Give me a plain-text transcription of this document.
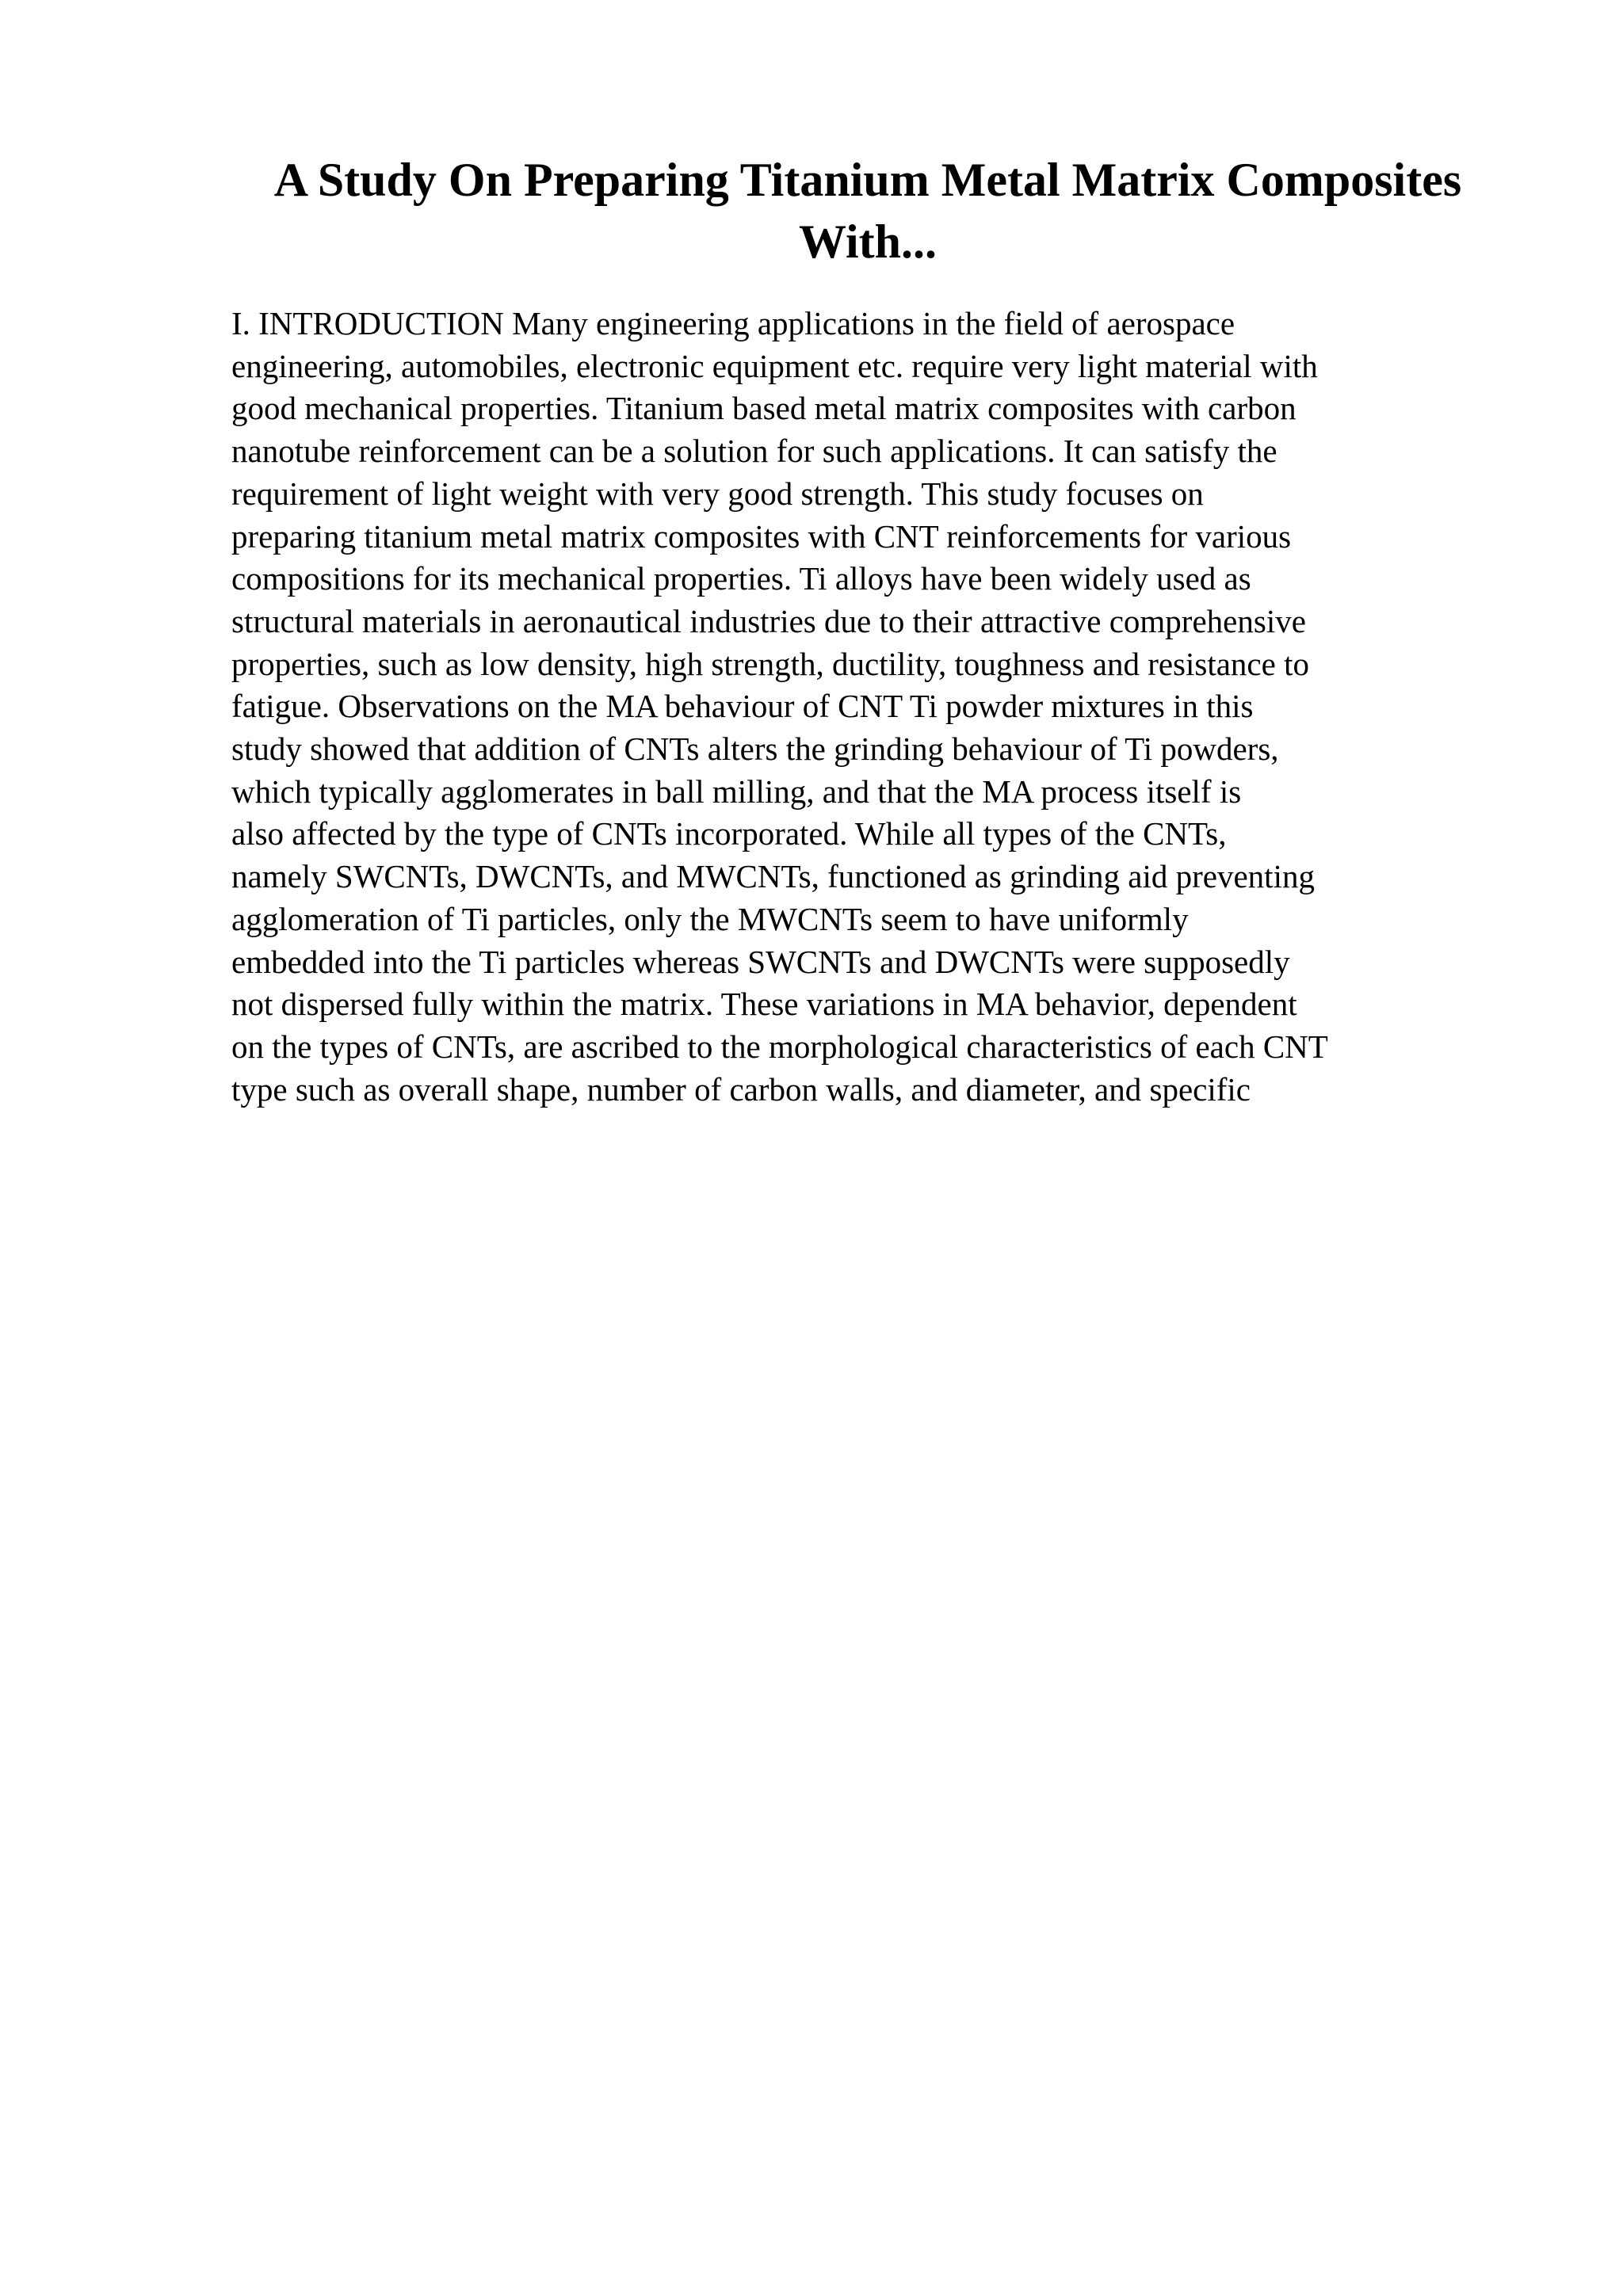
A Study On Preparing Titanium Metal Matrix Composites With...
I. INTRODUCTION Many engineering applications in the field of aerospace
engineering, automobiles, electronic equipment etc. require very light material with
good mechanical properties. Titanium based metal matrix composites with carbon
nanotube reinforcement can be a solution for such applications. It can satisfy the
requirement of light weight with very good strength. This study focuses on
preparing titanium metal matrix composites with CNT reinforcements for various
compositions for its mechanical properties. Ti alloys have been widely used as
structural materials in aeronautical industries due to their attractive comprehensive
properties, such as low density, high strength, ductility, toughness and resistance to
fatigue. Observations on the MA behaviour of CNT Ti powder mixtures in this
study showed that addition of CNTs alters the grinding behaviour of Ti powders,
which typically agglomerates in ball milling, and that the MA process itself is
also affected by the type of CNTs incorporated. While all types of the CNTs,
namely SWCNTs, DWCNTs, and MWCNTs, functioned as grinding aid preventing
agglomeration of Ti particles, only the MWCNTs seem to have uniformly
embedded into the Ti particles whereas SWCNTs and DWCNTs were supposedly
not dispersed fully within the matrix. These variations in MA behavior, dependent
on the types of CNTs, are ascribed to the morphological characteristics of each CNT
type such as overall shape, number of carbon walls, and diameter, and specific
